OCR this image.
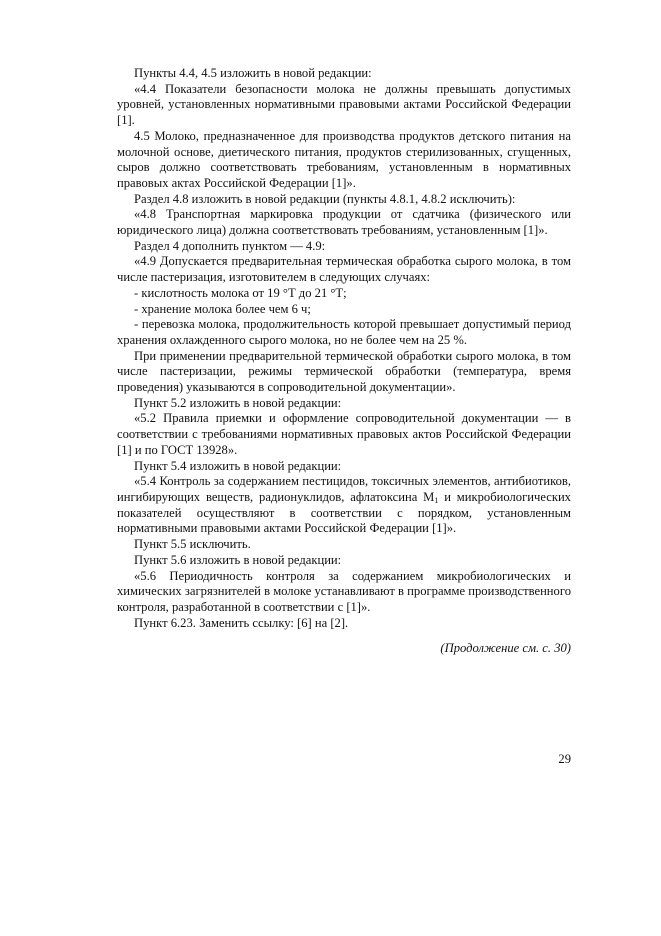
Пункты 4.4, 4.5 изложить в новой редакции:

«4.4 Показатели безопасности молока не должны превышать допустимых уровней, установленных нормативными правовыми актами Российской Федерации [1].

4.5 Молоко, предназначенное для производства продуктов детского питания на молочной основе, диетического питания, продуктов стерилизованных, сгущенных, сыров должно соответствовать требованиям, установленным в нормативных правовых актах Российской Федерации [1]».

Раздел 4.8 изложить в новой редакции (пункты 4.8.1, 4.8.2 исключить):

«4.8 Транспортная маркировка продукции от сдатчика (физического или юридического лица) должна соответствовать требованиям, установленным [1]».

Раздел 4 дополнить пунктом — 4.9:

«4.9 Допускается предварительная термическая обработка сырого молока, в том числе пастеризация, изготовителем в следующих случаях:

- кислотность молока от 19 °Т до 21 °Т;

- хранение молока более чем 6 ч;

- перевозка молока, продолжительность которой превышает допустимый период хранения охлажденного сырого молока, но не более чем на 25 %.

При применении предварительной термической обработки сырого молока, в том числе пастеризации, режимы термической обработки (температура, время проведения) указываются в сопроводительной документации».

Пункт 5.2 изложить в новой редакции:

«5.2 Правила приемки и оформление сопроводительной документации — в соответствии с требованиями нормативных правовых актов Российской Федерации [1] и по ГОСТ 13928».

Пункт 5.4 изложить в новой редакции:

«5.4 Контроль за содержанием пестицидов, токсичных элементов, антибиотиков, ингибирующих веществ, радионуклидов, афлатоксина $M_1$ и микробиологических показателей осуществляют в соответствии с порядком, установленным нормативными правовыми актами Российской Федерации [1]».

Пункт 5.5 исключить.

Пункт 5.6 изложить в новой редакции:

«5.6 Периодичность контроля за содержанием микробиологических и химических загрязнителей в молоке устанавливают в программе производственного контроля, разработанной в соответствии с [1]».

Пункт 6.23. Заменить ссылку: [6] на [2].

(Продолжение см. с. 30)
29
